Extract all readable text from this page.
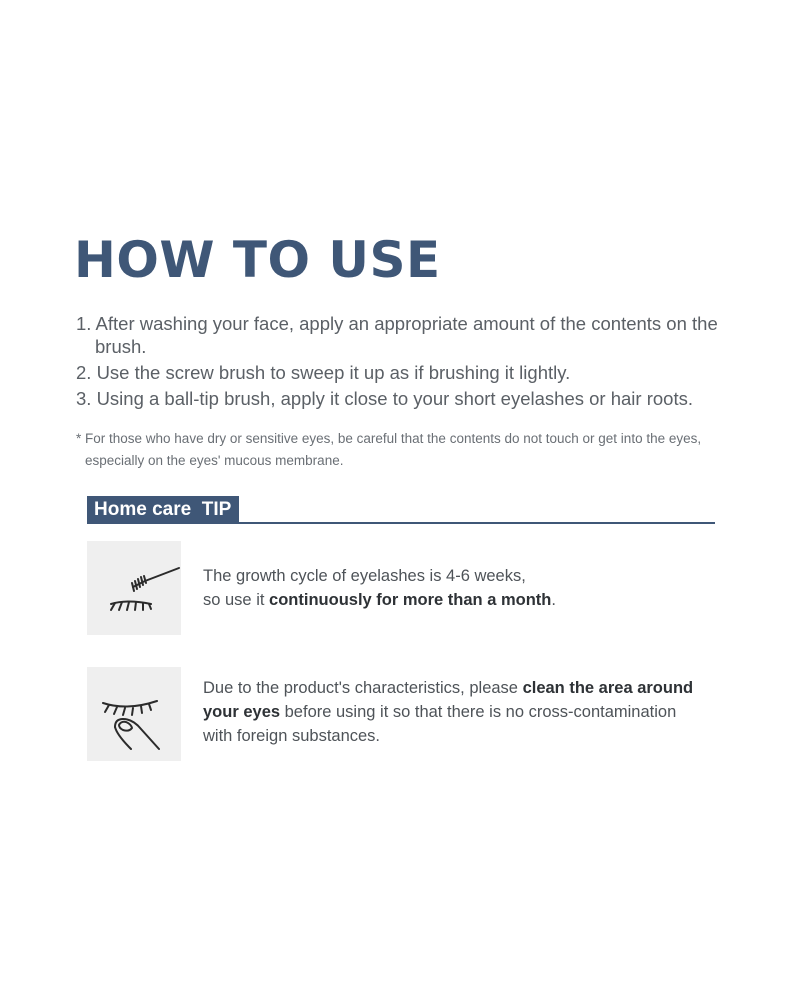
HOW TO USE
1. After washing your face, apply an appropriate amount of the contents on the brush.
2. Use the screw brush to sweep it up as if brushing it lightly.
3. Using a ball-tip brush, apply it close to your short eyelashes or hair roots.

* For those who have dry or sensitive eyes, be careful that the contents do not touch or get into the eyes, especially on the eyes' mucous membrane.

Home care  TIP

The growth cycle of eyelashes is 4-6 weeks,
so use it continuously for more than a month.

Due to the product's characteristics, please clean the area around your eyes before using it so that there is no cross-contamination with foreign substances.
